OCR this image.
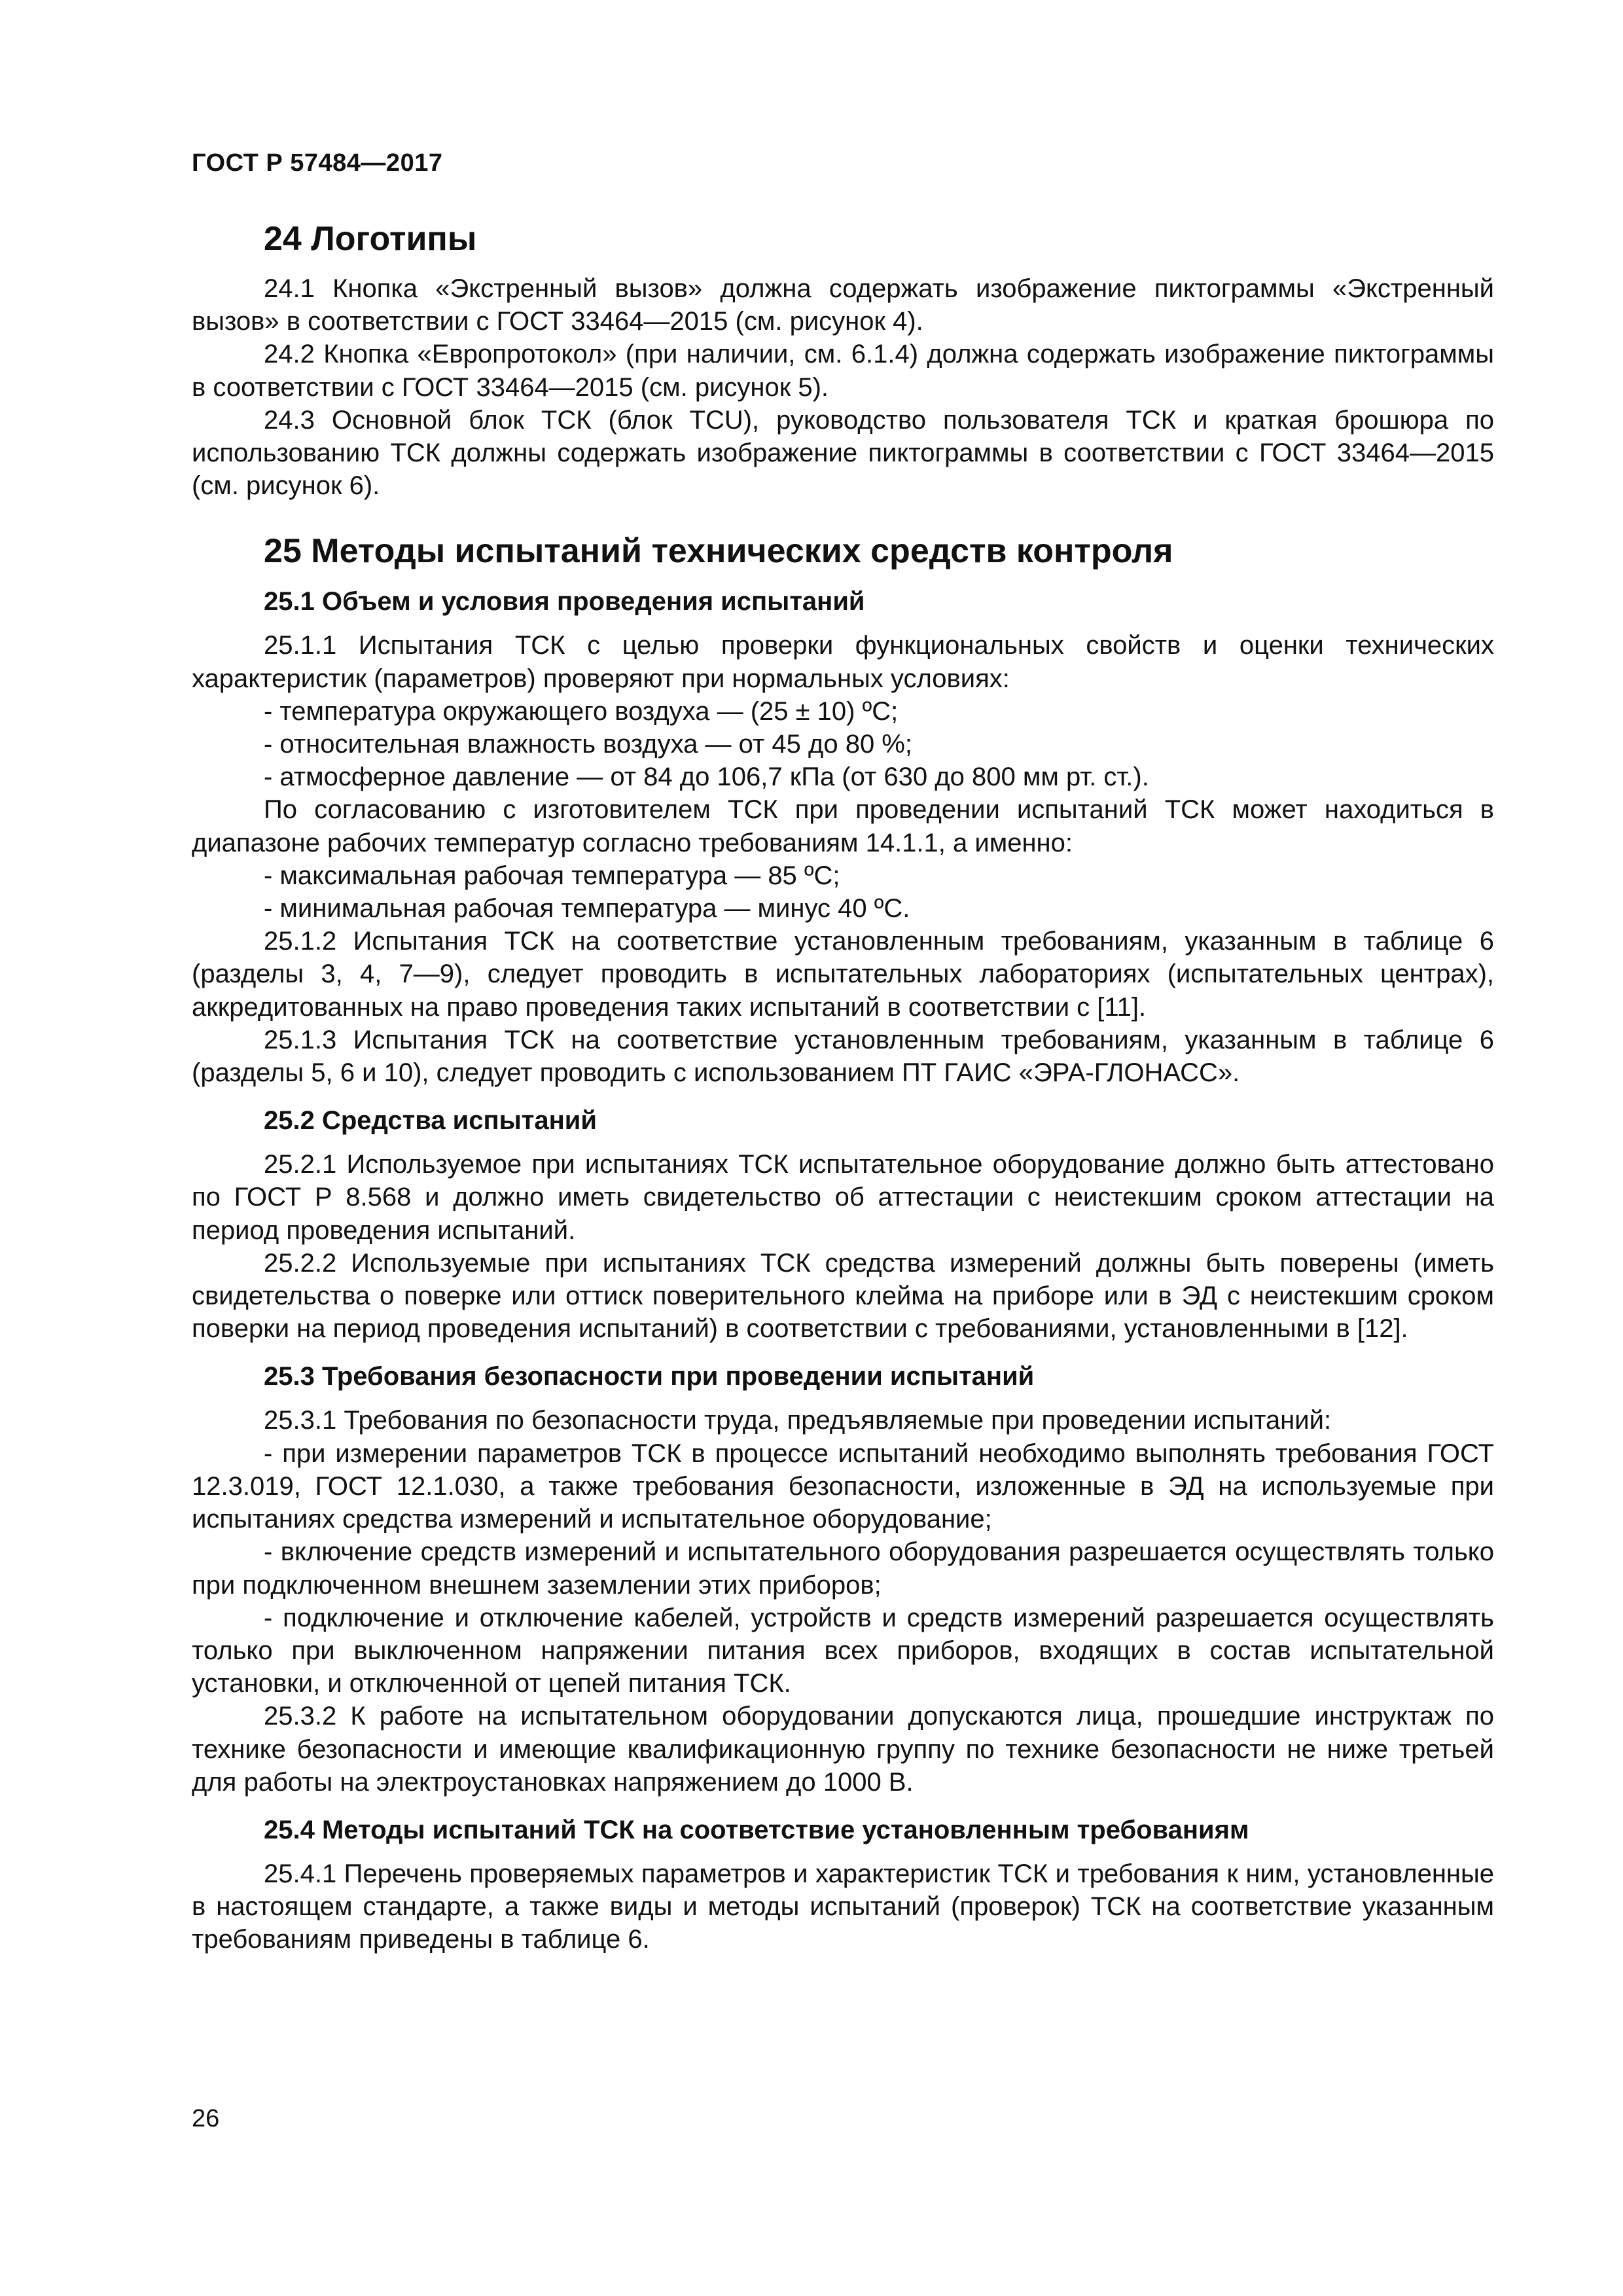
ГОСТ Р 57484—2017
24 Логотипы

24.1 Кнопка «Экстренный вызов» должна содержать изображение пиктограммы «Экстренный вызов» в соответствии с ГОСТ 33464—2015 (см. рисунок 4).

24.2 Кнопка «Европротокол» (при наличии, см. 6.1.4) должна содержать изображение пиктограммы в соответствии с ГОСТ 33464—2015 (см. рисунок 5).

24.3 Основной блок ТСК (блок TCU), руководство пользователя ТСК и краткая брошюра по использованию ТСК должны содержать изображение пиктограммы в соответствии с ГОСТ 33464—2015 (см. рисунок 6).

25 Методы испытаний технических средств контроля
25.1 Объем и условия проведения испытаний

25.1.1 Испытания ТСК с целью проверки функциональных свойств и оценки технических характеристик (параметров) проверяют при нормальных условиях:

- температура окружающего воздуха — (25 ± 10) ºС;

- относительная влажность воздуха — от 45 до 80 %;

- атмосферное давление — от 84 до 106,7 кПа (от 630 до 800 мм рт. ст.).

По согласованию с изготовителем ТСК при проведении испытаний ТСК может находиться в диапазоне рабочих температур согласно требованиям 14.1.1, а именно:

- максимальная рабочая температура — 85 ºС;

- минимальная рабочая температура — минус 40 ºС.

25.1.2 Испытания ТСК на соответствие установленным требованиям, указанным в таблице 6 (разделы 3, 4, 7—9), следует проводить в испытательных лабораториях (испытательных центрах), аккредитованных на право проведения таких испытаний в соответствии с [11].

25.1.3 Испытания ТСК на соответствие установленным требованиям, указанным в таблице 6 (разделы 5, 6 и 10), следует проводить с использованием ПТ ГАИС «ЭРА-ГЛОНАСС».

25.2 Средства испытаний

25.2.1 Используемое при испытаниях ТСК испытательное оборудование должно быть аттестовано по ГОСТ Р 8.568 и должно иметь свидетельство об аттестации с неистекшим сроком аттестации на период проведения испытаний.

25.2.2 Используемые при испытаниях ТСК средства измерений должны быть поверены (иметь свидетельства о поверке или оттиск поверительного клейма на приборе или в ЭД с неистекшим сроком поверки на период проведения испытаний) в соответствии с требованиями, установленными в [12].

25.3 Требования безопасности при проведении испытаний

25.3.1 Требования по безопасности труда, предъявляемые при проведении испытаний:

- при измерении параметров ТСК в процессе испытаний необходимо выполнять требования ГОСТ 12.3.019, ГОСТ 12.1.030, а также требования безопасности, изложенные в ЭД на используемые при испытаниях средства измерений и испытательное оборудование;

- включение средств измерений и испытательного оборудования разрешается осуществлять только при подключенном внешнем заземлении этих приборов;

- подключение и отключение кабелей, устройств и средств измерений разрешается осуществлять только при выключенном напряжении питания всех приборов, входящих в состав испытательной установки, и отключенной от цепей питания ТСК.

25.3.2 К работе на испытательном оборудовании допускаются лица, прошедшие инструктаж по технике безопасности и имеющие квалификационную группу по технике безопасности не ниже третьей для работы на электроустановках напряжением до 1000 В.

25.4 Методы испытаний ТСК на соответствие установленным требованиям

25.4.1 Перечень проверяемых параметров и характеристик ТСК и требования к ним, установленные в настоящем стандарте, а также виды и методы испытаний (проверок) ТСК на соответствие указанным требованиям приведены в таблице 6.

26
